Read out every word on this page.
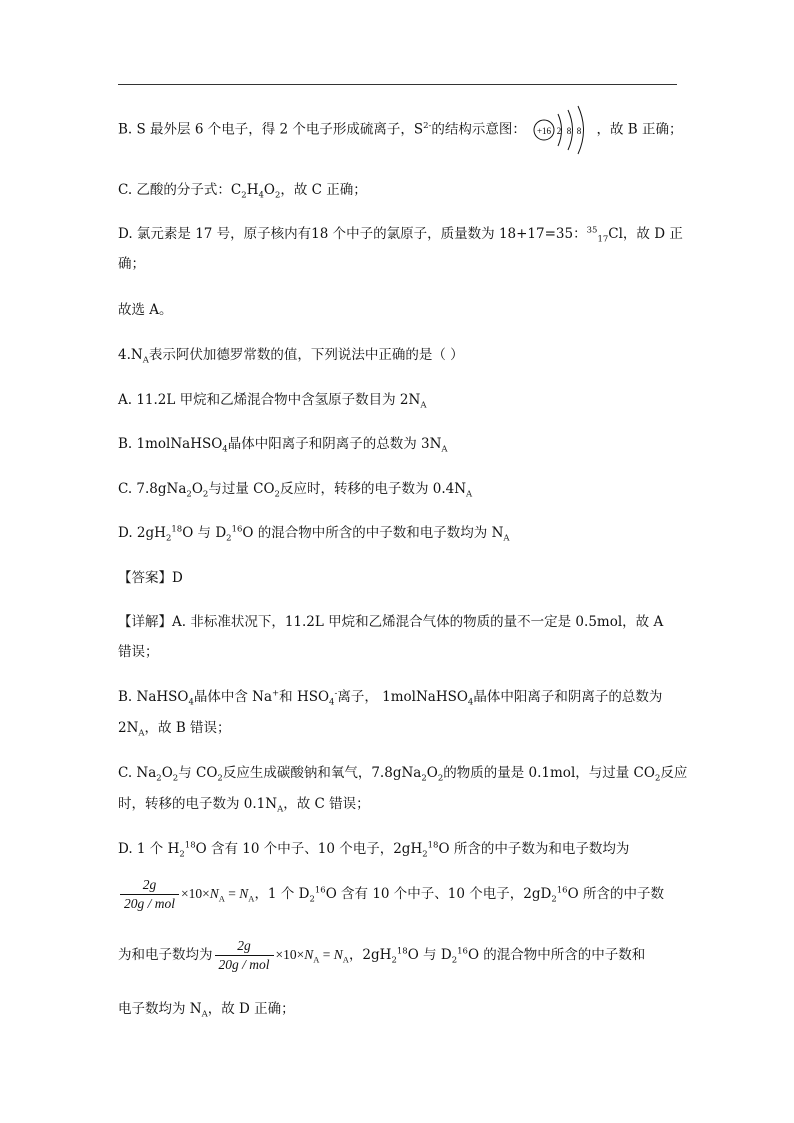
B. S 最外层 6 个电子，得 2 个电子形成硫离子，$S^{2-}$的结构示意图： +16 2 8 8 ，故 B 正确；
C. 乙酸的分子式：$C_2H_4O_2$，故 C 正确；
D. 氯元素是 17 号，原子核内有18 个中子的氯原子，质量数为 18+17=35：$^{35}_{17}$Cl，故 D 正
确；
故选 A。
$4.N_A$表示阿伏加德罗常数的值，下列说法中正确的是（ ）
A. 11.2L 甲烷和乙烯混合物中含氢原子数目为 $2N_A$
B. 1molNaHSO$_4$晶体中阳离子和阴离子的总数为 $3N_A$
C. $7.8gNa_2O_2$与过量 $CO_2$反应时，转移的电子数为 $0.4N_A$
D. $2gH_2^{18}O$ 与 $D_2^{16}O$ 的混合物中所含的中子数和电子数均为 $N_A$
【答案】D
【详解】A. 非标准状况下，11.2L 甲烷和乙烯混合气体的物质的量不一定是 0.5mol，故 A
错误；
B. NaHSO$_4$晶体中含 Na+和 $HSO_4^-$离子， 1molNaHSO$_4$晶体中阳离子和阴离子的总数为
$2N_A$，故 B 错误；
C. $Na_2O_2$与 $CO_2$反应生成碳酸钠和氧气，$7.8gNa_2O_2$的物质的量是 0.1mol，与过量 $CO_2$反应
时，转移的电子数为 $0.1N_A$，故 C 错误；
D. 1 个 $H_2^{18}O$ 含有 10 个中子、10 个电子，$2gH_2^{18}O$ 所含的中子数为和电子数均为
$\frac{2g}{\text{20g / mol}} \times 10\times N_A = N_A$，1 个 $D_2^{16}O$ 含有 10 个中子、10 个电子，$2gD_2^{16}O$ 所含的中子数
为和电子数均为 $\frac{2g}{\text{20g / mol}} \times 10\times N_A = N_A$，$2gH_2^{18}O$ 与 $D_2^{16}O$ 的混合物中所含的中子数和
电子数均为 $N_A$，故 D 正确；
